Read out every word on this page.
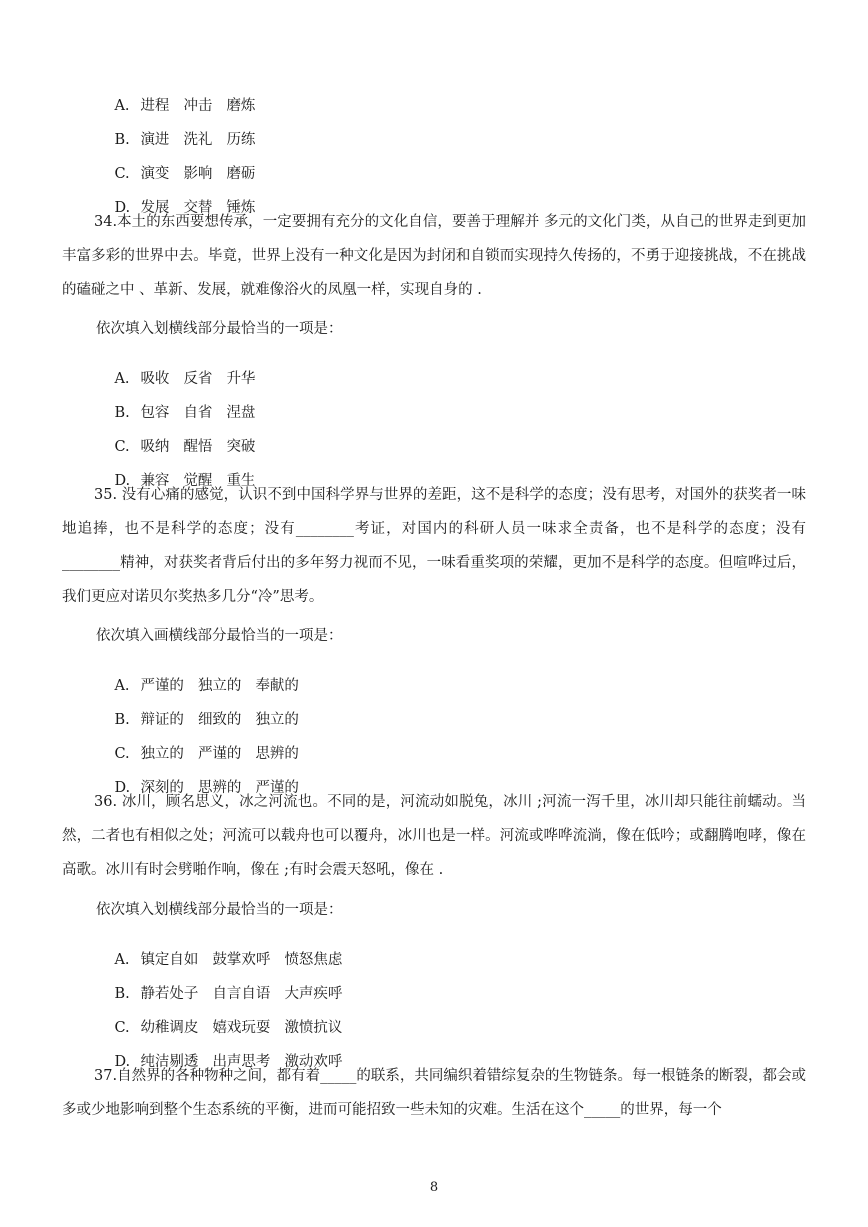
A. 进程 冲击 磨炼

B. 演进 洗礼 历练

C. 演变 影响 磨砺

D. 发展 交替 锤炼

34.本土的东西要想传承，一定要拥有充分的文化自信，要善于理解并 多元的文化门类，从自己的世界走到更加丰富多彩的世界中去。毕竟，世界上没有一种文化是因为封闭和自锁而实现持久传扬的，不勇于迎接挑战，不在挑战的磕碰之中 、革新、发展，就难像浴火的凤凰一样，实现自身的 .
依次填入划横线部分最恰当的一项是：

A. 吸收 反省 升华

B. 包容 自省 涅盘

C. 吸纳 醒悟 突破

D. 兼容 觉醒 重生

35. 没有心痛的感觉，认识不到中国科学界与世界的差距，这不是科学的态度；没有思考，对国外的获奖者一味地追捧，也不是科学的态度；没有________考证，对国内的科研人员一味求全责备，也不是科学的态度；没有________精神，对获奖者背后付出的多年努力视而不见，一味看重奖项的荣耀，更加不是科学的态度。但喧哗过后，我们更应对诺贝尔奖热多几分“冷”思考。
依次填入画横线部分最恰当的一项是：

A. 严谨的 独立的 奉献的

B. 辩证的 细致的 独立的

C. 独立的 严谨的 思辨的

D. 深刻的 思辨的 严谨的

36. 冰川，顾名思义，冰之河流也。不同的是，河流动如脱兔，冰川 ;河流一泻千里，冰川却只能往前蠕动。当然，二者也有相似之处；河流可以载舟也可以覆舟，冰川也是一样。河流或哗哗流淌，像在低吟；或翻腾咆哮，像在高歌。冰川有时会劈啪作响，像在 ;有时会震天怒吼，像在 .
依次填入划横线部分最恰当的一项是：

A. 镇定自如 鼓掌欢呼 愤怒焦虑

B. 静若处子 自言自语 大声疾呼

C. 幼稚调皮 嬉戏玩耍 激愤抗议

D. 纯洁剔透 出声思考 激动欢呼

37.自然界的各种物种之间，都有着_____的联系，共同编织着错综复杂的生物链条。每一根链条的断裂，都会或多或少地影响到整个生态系统的平衡，进而可能招致一些未知的灾难。生活在这个_____的世界，每一个
8
